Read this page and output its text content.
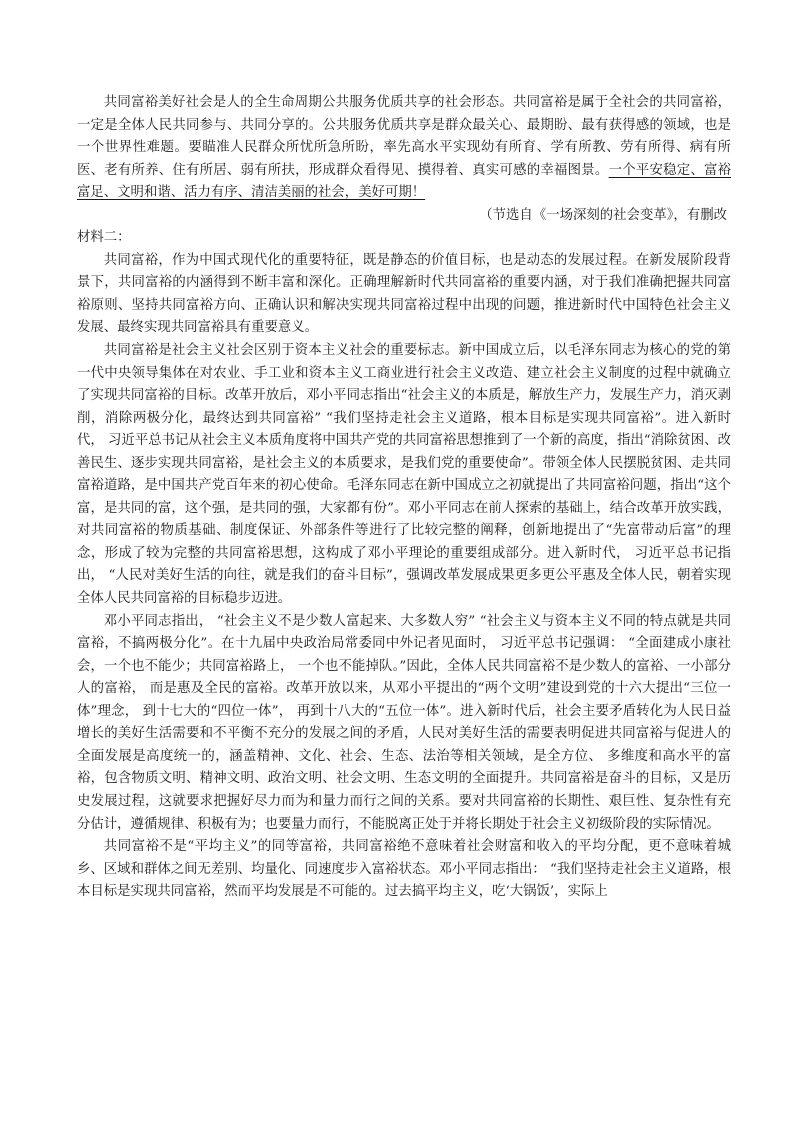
共同富裕美好社会是人的全生命周期公共服务优质共享的社会形态。共同富裕是属于全社会的共同富裕，一定是全体人民共同参与、共同分享的。公共服务优质共享是群众最关心、最期盼、最有获得感的领域，也是一个世界性难题。要瞄准人民群众所忧所急所盼，率先高水平实现幼有所育、学有所教、劳有所得、病有所医、老有所养、住有所居、弱有所扶，形成群众看得见、摸得着、真实可感的幸福图景。一个平安稳定、富裕富足、文明和谐、活力有序、清洁美丽的社会，美好可期！

（节选自《一场深刻的社会变革》，有删改

材料二：

共同富裕，作为中国式现代化的重要特征，既是静态的价值目标，也是动态的发展过程。在新发展阶段背景下，共同富裕的内涵得到不断丰富和深化。正确理解新时代共同富裕的重要内涵，对于我们准确把握共同富裕原则、坚持共同富裕方向、正确认识和解决实现共同富裕过程中出现的问题，推进新时代中国特色社会主义发展、最终实现共同富裕具有重要意义。

共同富裕是社会主义社会区别于资本主义社会的重要标志。新中国成立后，以毛泽东同志为核心的党的第一代中央领导集体在对农业、手工业和资本主义工商业进行社会主义改造、建立社会主义制度的过程中就确立了实现共同富裕的目标。改革开放后，邓小平同志指出“社会主义的本质是，解放生产力，发展生产力，消灭剥削，消除两极分化，最终达到共同富裕” “我们坚持走社会主义道路，根本目标是实现共同富裕”。进入新时代， 习近平总书记从社会主义本质角度将中国共产党的共同富裕思想推到了一个新的高度，指出“消除贫困、改善民生、逐步实现共同富裕，是社会主义的本质要求，是我们党的重要使命”。带领全体人民摆脱贫困、走共同富裕道路，是中国共产党百年来的初心使命。毛泽东同志在新中国成立之初就提出了共同富裕问题，指出“这个富，是共同的富，这个强，是共同的强，大家都有份”。邓小平同志在前人探索的基础上，结合改革开放实践，对共同富裕的物质基础、制度保证、外部条件等进行了比较完整的阐释，创新地提出了“先富带动后富”的理念，形成了较为完整的共同富裕思想，这构成了邓小平理论的重要组成部分。进入新时代， 习近平总书记指出， “人民对美好生活的向往，就是我们的奋斗目标”，强调改革发展成果更多更公平惠及全体人民，朝着实现全体人民共同富裕的目标稳步迈进。

邓小平同志指出， “社会主义不是少数人富起来、大多数人穷” “社会主义与资本主义不同的特点就是共同富裕，不搞两极分化”。在十九届中央政治局常委同中外记者见面时， 习近平总书记强调： “全面建成小康社会，一个也不能少；共同富裕路上， 一个也不能掉队。”因此，全体人民共同富裕不是少数人的富裕、一小部分人的富裕， 而是惠及全民的富裕。改革开放以来，从邓小平提出的“两个文明”建设到党的十六大提出“三位一体”理念， 到十七大的“四位一体”， 再到十八大的“五位一体”。进入新时代后，社会主要矛盾转化为人民日益增长的美好生活需要和不平衡不充分的发展之间的矛盾，人民对美好生活的需要表明促进共同富裕与促进人的全面发展是高度统一的，涵盖精神、文化、社会、生态、法治等相关领域，是全方位、 多维度和高水平的富裕，包含物质文明、精神文明、政治文明、社会文明、生态文明的全面提升。共同富裕是奋斗的目标，又是历史发展过程，这就要求把握好尽力而为和量力而行之间的关系。要对共同富裕的长期性、艰巨性、复杂性有充分估计，遵循规律、积极有为；也要量力而行，不能脱离正处于并将长期处于社会主义初级阶段的实际情况。

共同富裕不是“平均主义”的同等富裕，共同富裕绝不意味着社会财富和收入的平均分配，更不意味着城乡、区域和群体之间无差别、均量化、同速度步入富裕状态。邓小平同志指出： “我们坚持走社会主义道路，根本目标是实现共同富裕，然而平均发展是不可能的。过去搞平均主义，吃‘大锅饭’，实际上
